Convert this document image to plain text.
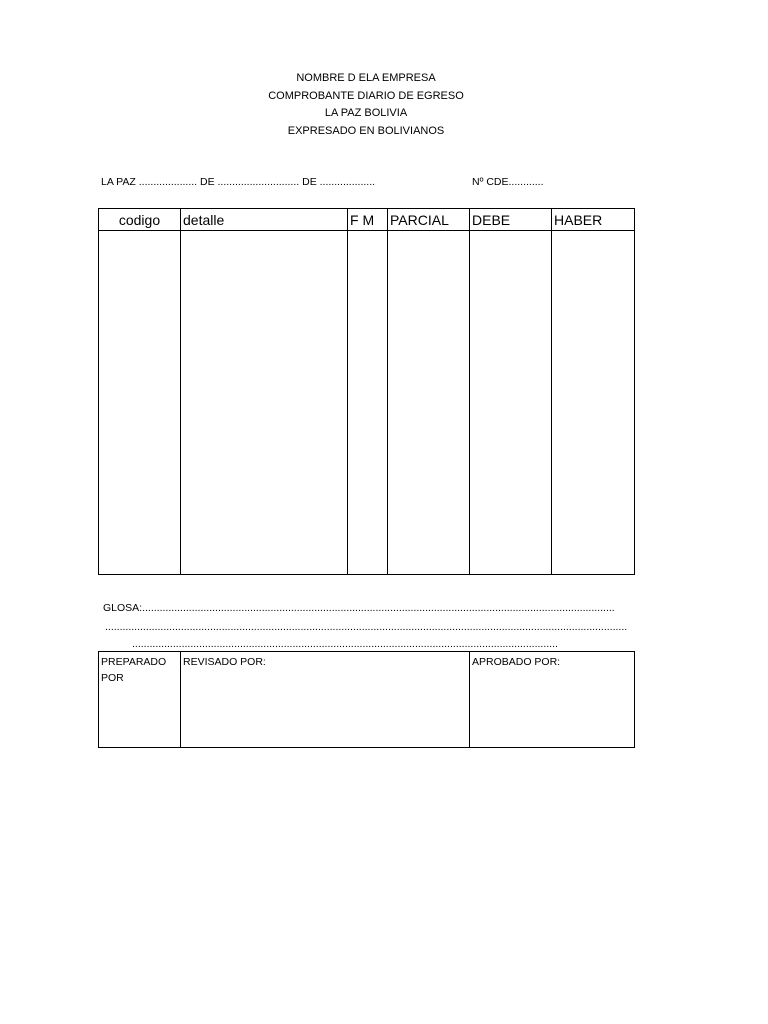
NOMBRE D ELA EMPRESA
COMPROBANTE DIARIO DE EGRESO
LA PAZ BOLIVIA
EXPRESADO EN BOLIVIANOS
LA PAZ .................... DE ............................ DE ...................	Nº CDE............
codigo	detalle	F M	PARCIAL	DEBE	HABER

GLOSA:..................................................................................................................................................................
...................................................................................................................................................................................
..................................................................................................................................................
PREPARADO POR	REVISADO POR:	APROBADO POR:
